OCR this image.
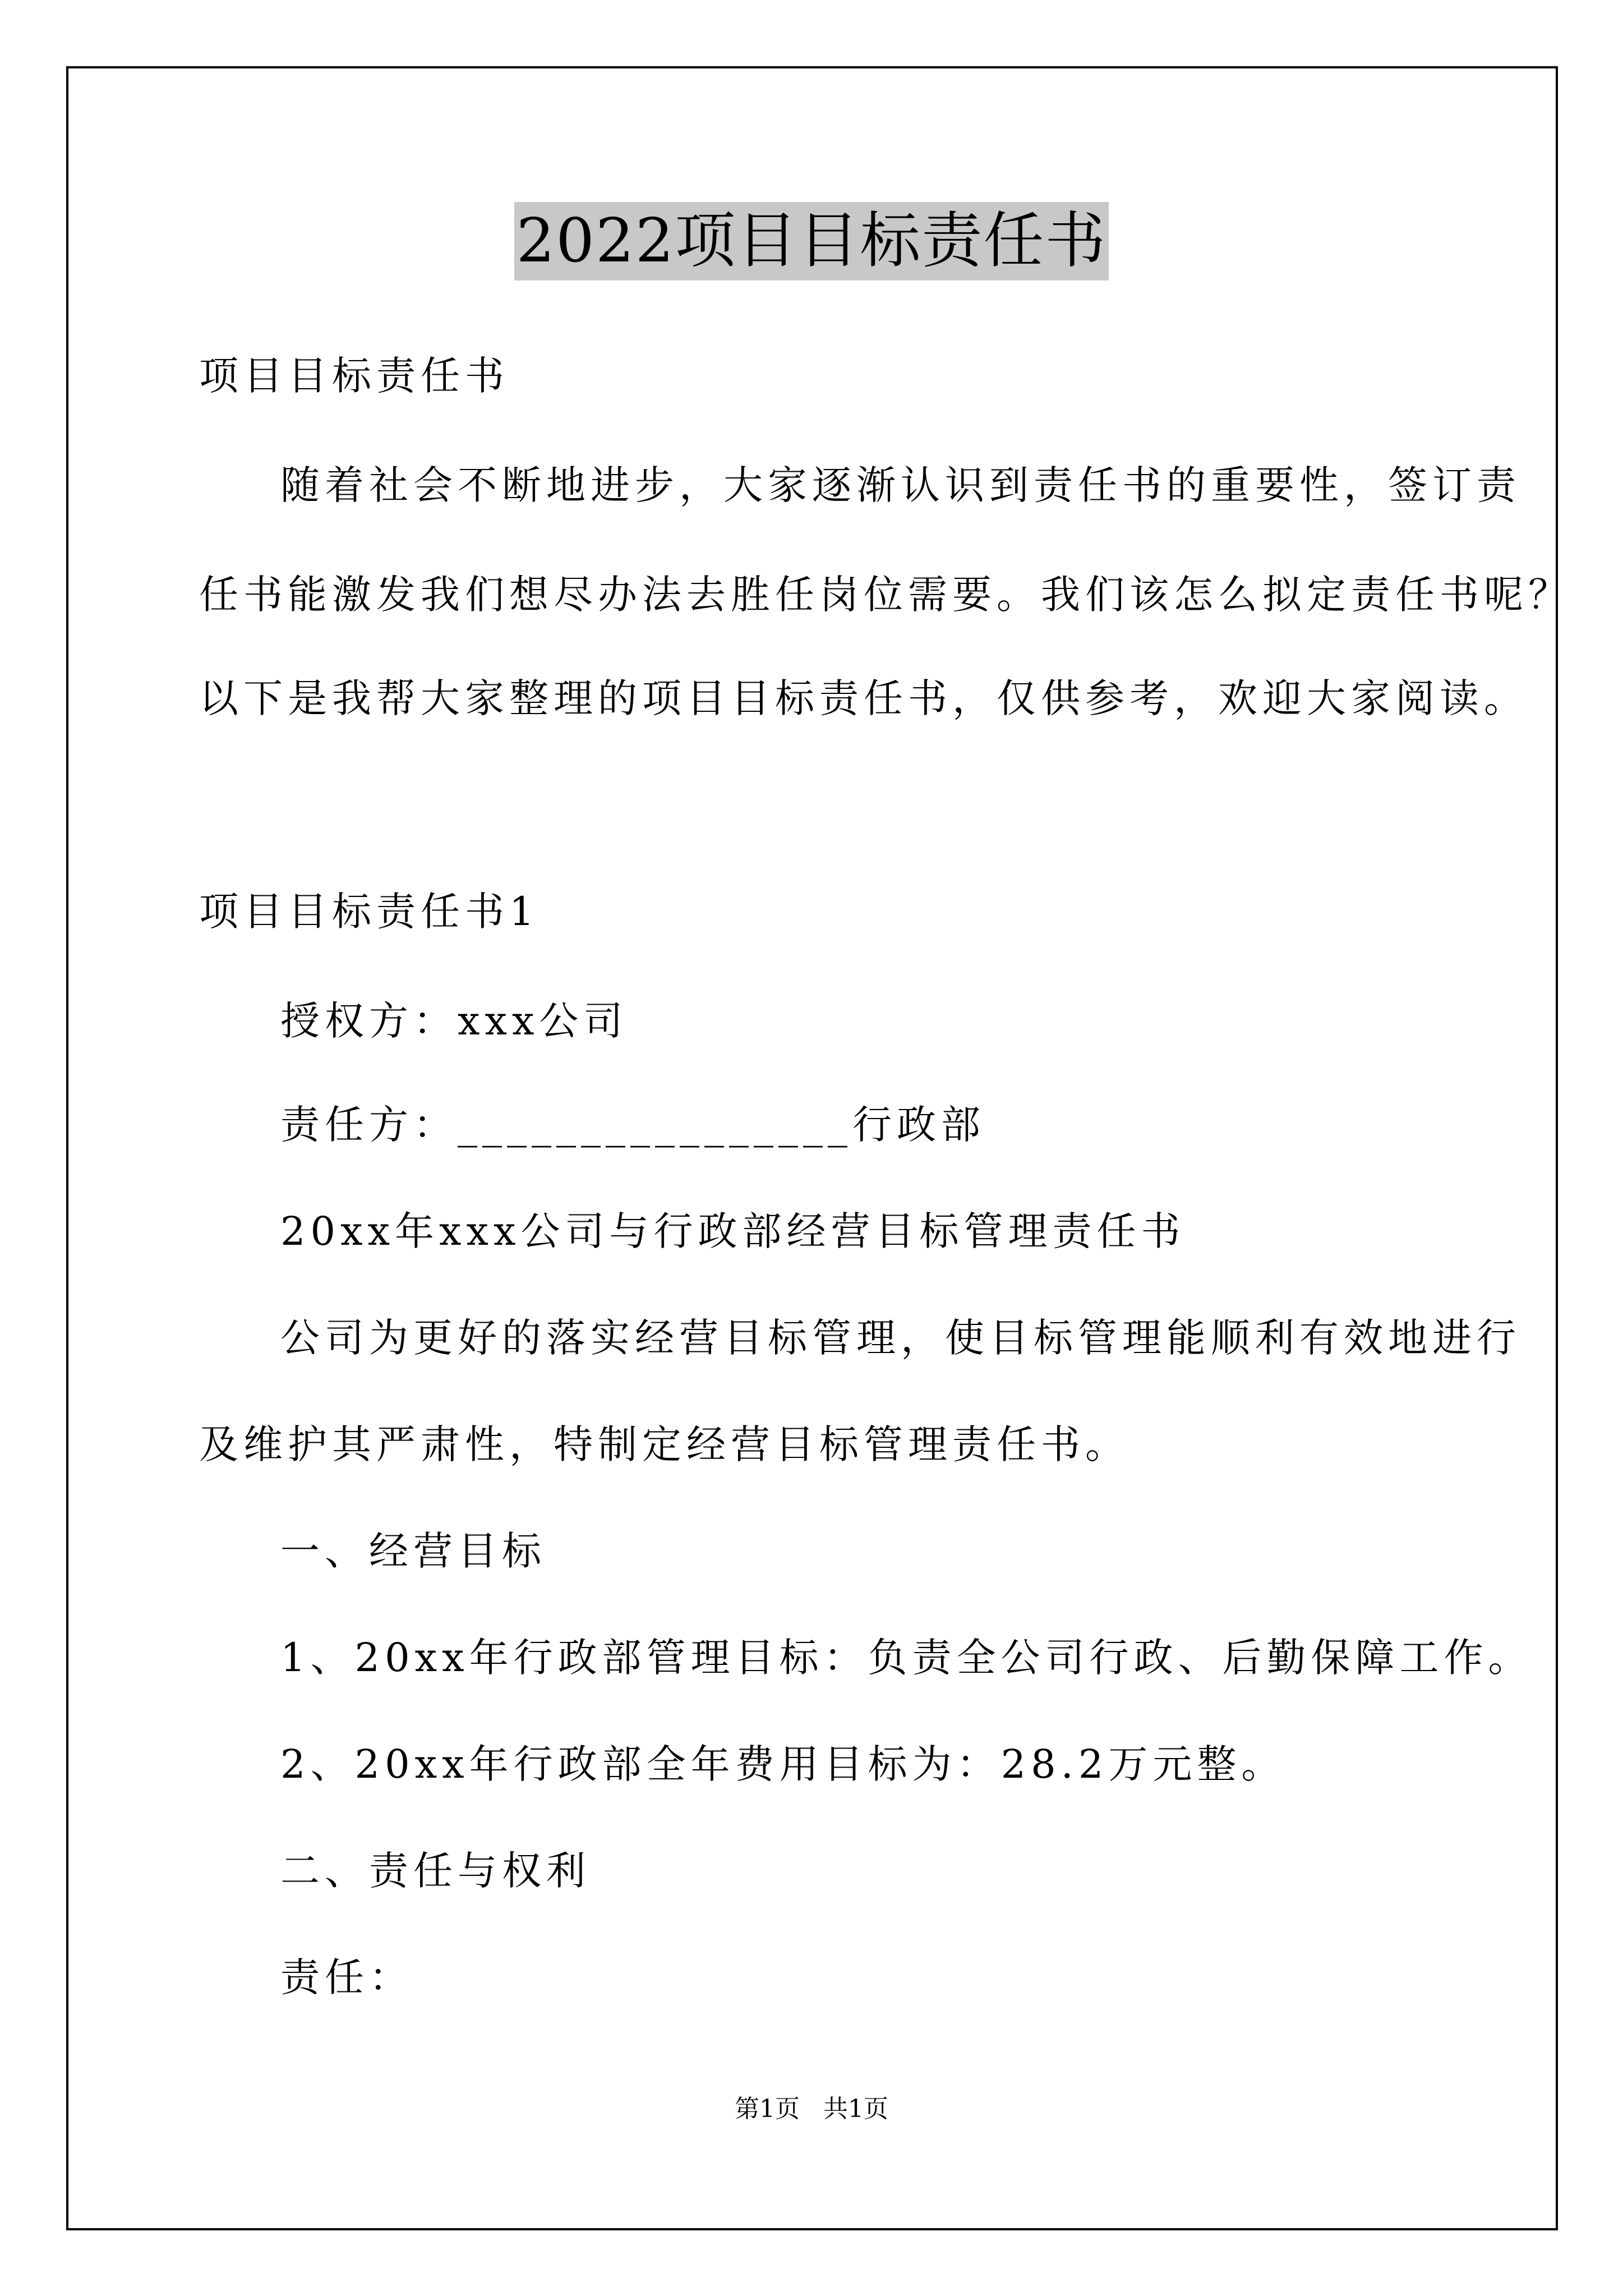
2022项目目标责任书
项目目标责任书
随着社会不断地进步，大家逐渐认识到责任书的重要性，签订责
任书能激发我们想尽办法去胜任岗位需要。我们该怎么拟定责任书呢？
以下是我帮大家整理的项目目标责任书，仅供参考，欢迎大家阅读。
项目目标责任书1
授权方：xxx公司
责任方：________________行政部
20xx年xxx公司与行政部经营目标管理责任书
公司为更好的落实经营目标管理，使目标管理能顺利有效地进行
及维护其严肃性，特制定经营目标管理责任书。
一、经营目标
1、20xx年行政部管理目标：负责全公司行政、后勤保障工作。
2、20xx年行政部全年费用目标为：28.2万元整。
二、责任与权利
责任：
第1页   共1页
